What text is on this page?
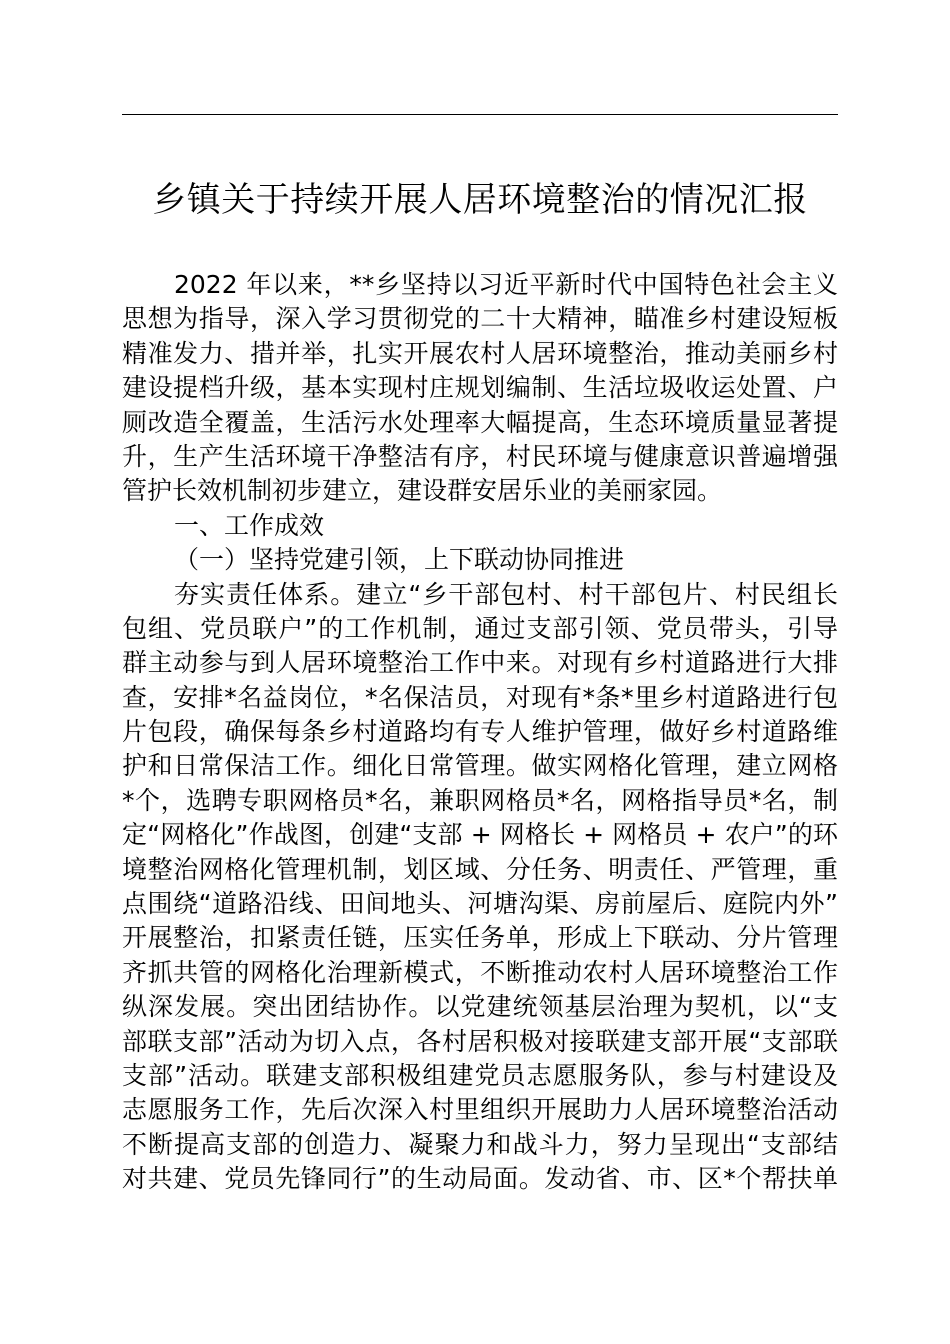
乡镇关于持续开展人居环境整治的情况汇报
2022 年以来，**乡坚持以习近平新时代中国特色社会主义
思想为指导，深入学习贯彻党的二十大精神，瞄准乡村建设短板
精准发力、措并举，扎实开展农村人居环境整治，推动美丽乡村
建设提档升级，基本实现村庄规划编制、生活垃圾收运处置、户
厕改造全覆盖，生活污水处理率大幅提高，生态环境质量显著提
升，生产生活环境干净整洁有序，村民环境与健康意识普遍增强
管护长效机制初步建立，建设群安居乐业的美丽家园。
一、工作成效
（一）坚持党建引领，上下联动协同推进
夯实责任体系。建立“乡干部包村、村干部包片、村民组长
包组、党员联户”的工作机制，通过支部引领、党员带头，引导
群主动参与到人居环境整治工作中来。对现有乡村道路进行大排
查，安排*名益岗位，*名保洁员，对现有*条*里乡村道路进行包
片包段，确保每条乡村道路均有专人维护管理，做好乡村道路维
护和日常保洁工作。细化日常管理。做实网格化管理，建立网格
*个，选聘专职网格员*名，兼职网格员*名，网格指导员*名，制
定“网格化”作战图，创建“支部 + 网格长 + 网格员 + 农户”的环
境整治网格化管理机制，划区域、分任务、明责任、严管理，重
点围绕“道路沿线、田间地头、河塘沟渠、房前屋后、庭院内外”
开展整治，扣紧责任链，压实任务单，形成上下联动、分片管理
齐抓共管的网格化治理新模式，不断推动农村人居环境整治工作
纵深发展。突出团结协作。以党建统领基层治理为契机，以“支
部联支部”活动为切入点，各村居积极对接联建支部开展“支部联
支部”活动。联建支部积极组建党员志愿服务队，参与村建设及
志愿服务工作，先后次深入村里组织开展助力人居环境整治活动
不断提高支部的创造力、凝聚力和战斗力，努力呈现出“支部结
对共建、党员先锋同行”的生动局面。发动省、市、区*个帮扶单
